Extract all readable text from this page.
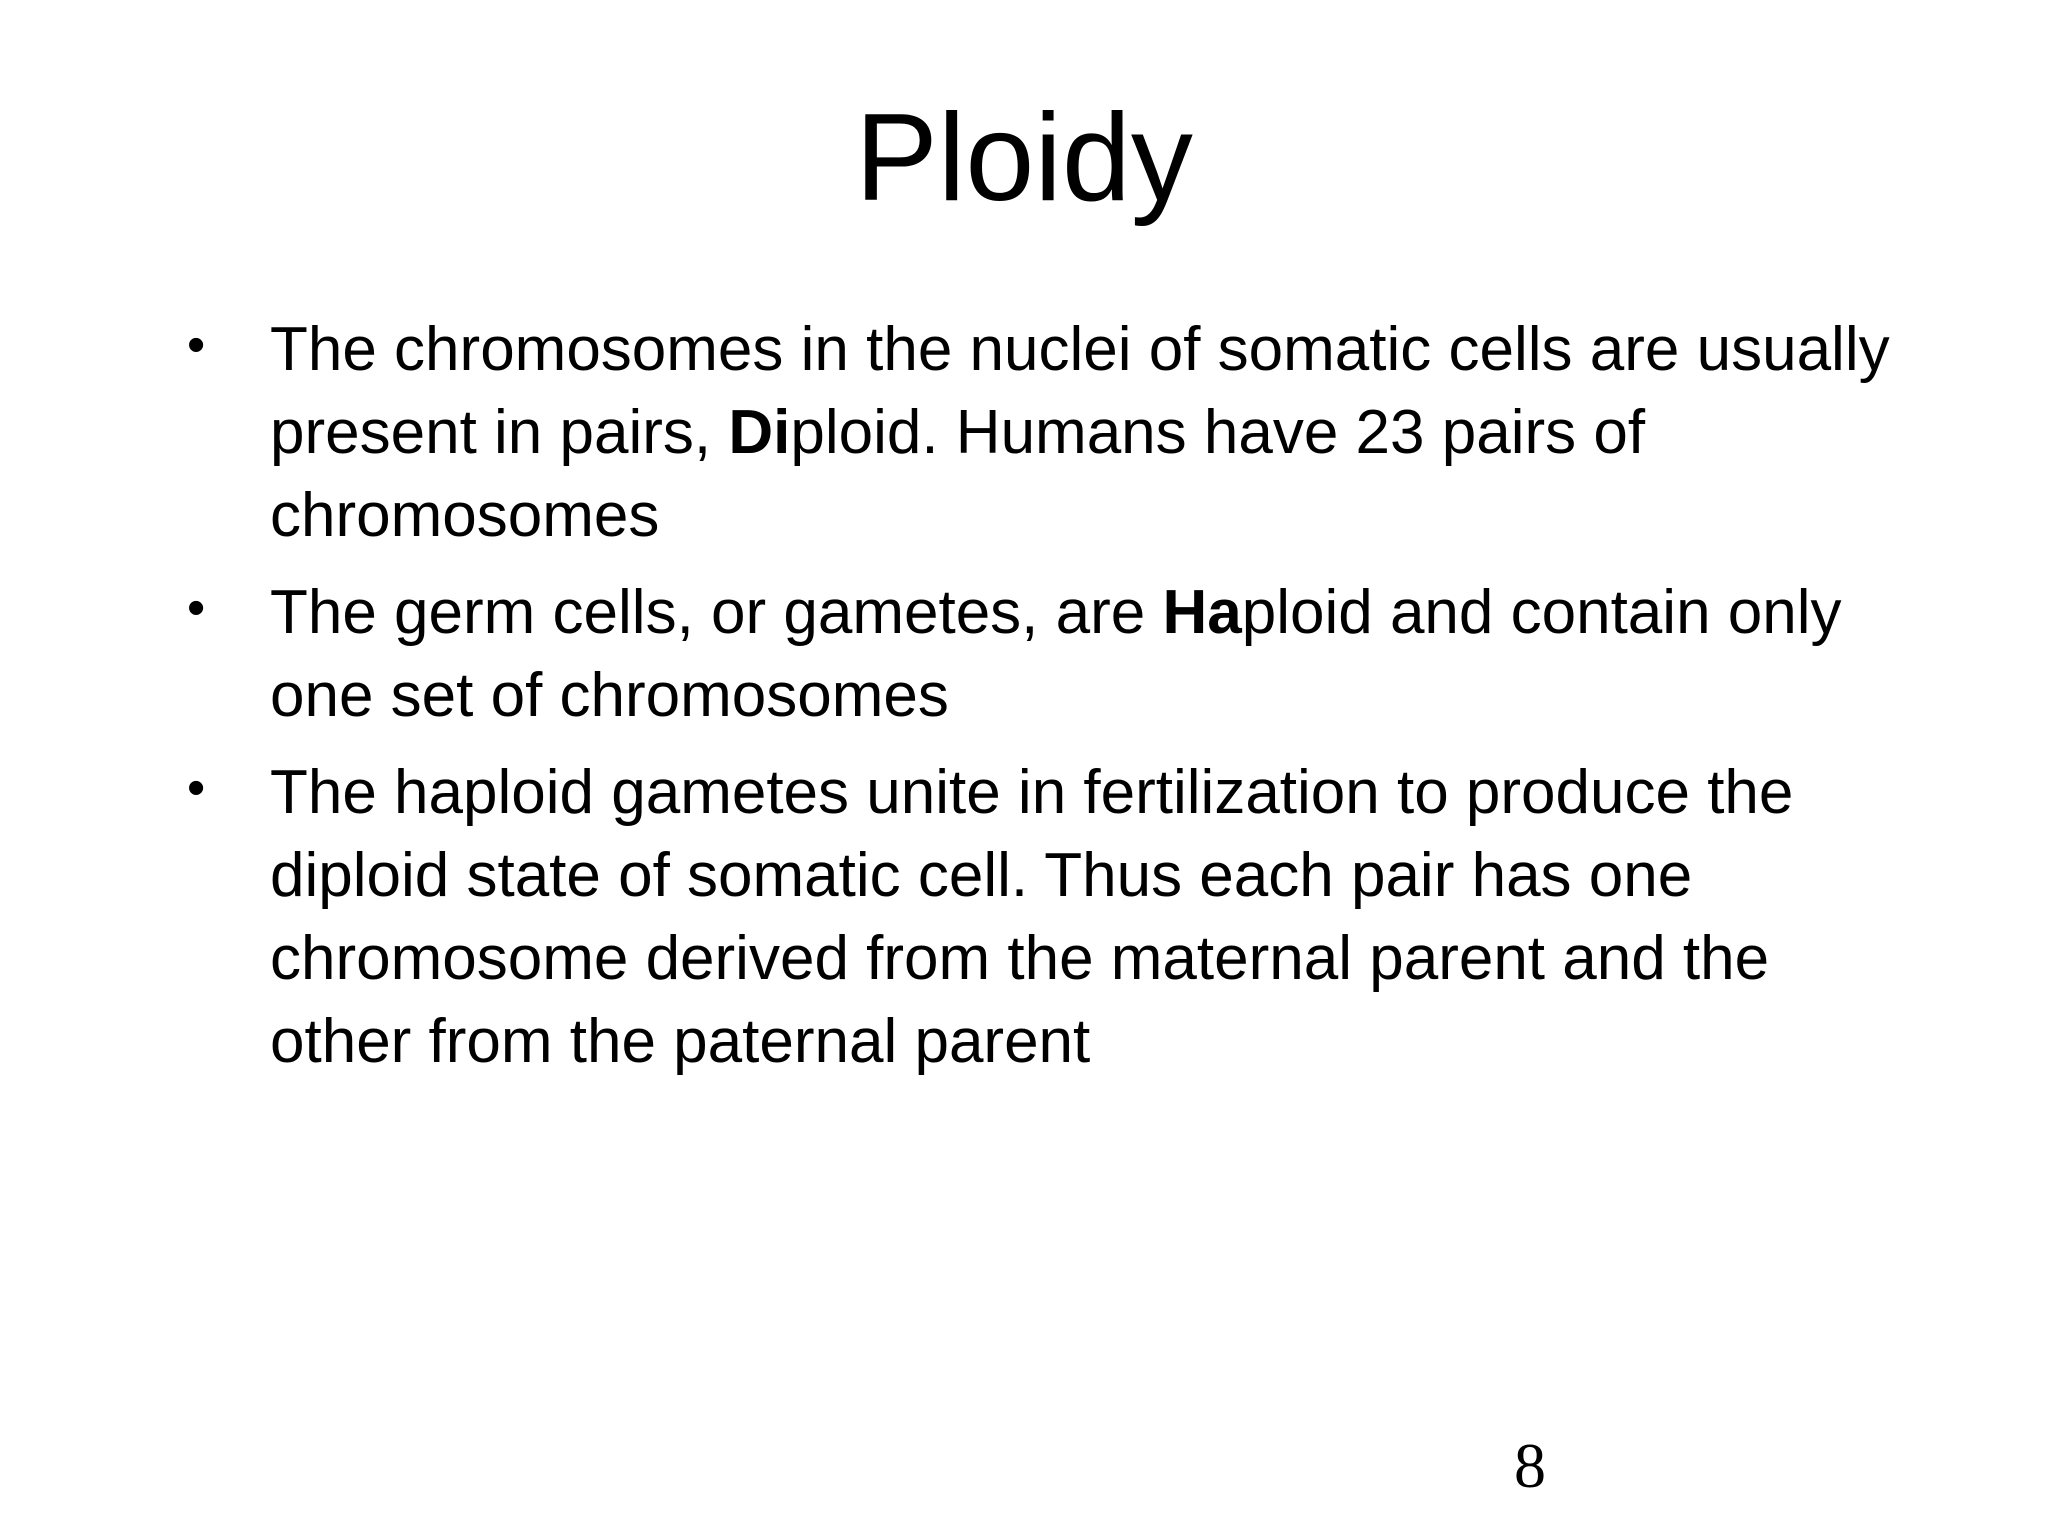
Ploidy
• The chromosomes in the nuclei of somatic cells are usually present in pairs, Diploid. Humans have 23 pairs of chromosomes
• The germ cells, or gametes, are Haploid and contain only one set of chromosomes
• The haploid gametes unite in fertilization to produce the diploid state of somatic cell. Thus each pair has one chromosome derived from the maternal parent and the other from the paternal parent
8
